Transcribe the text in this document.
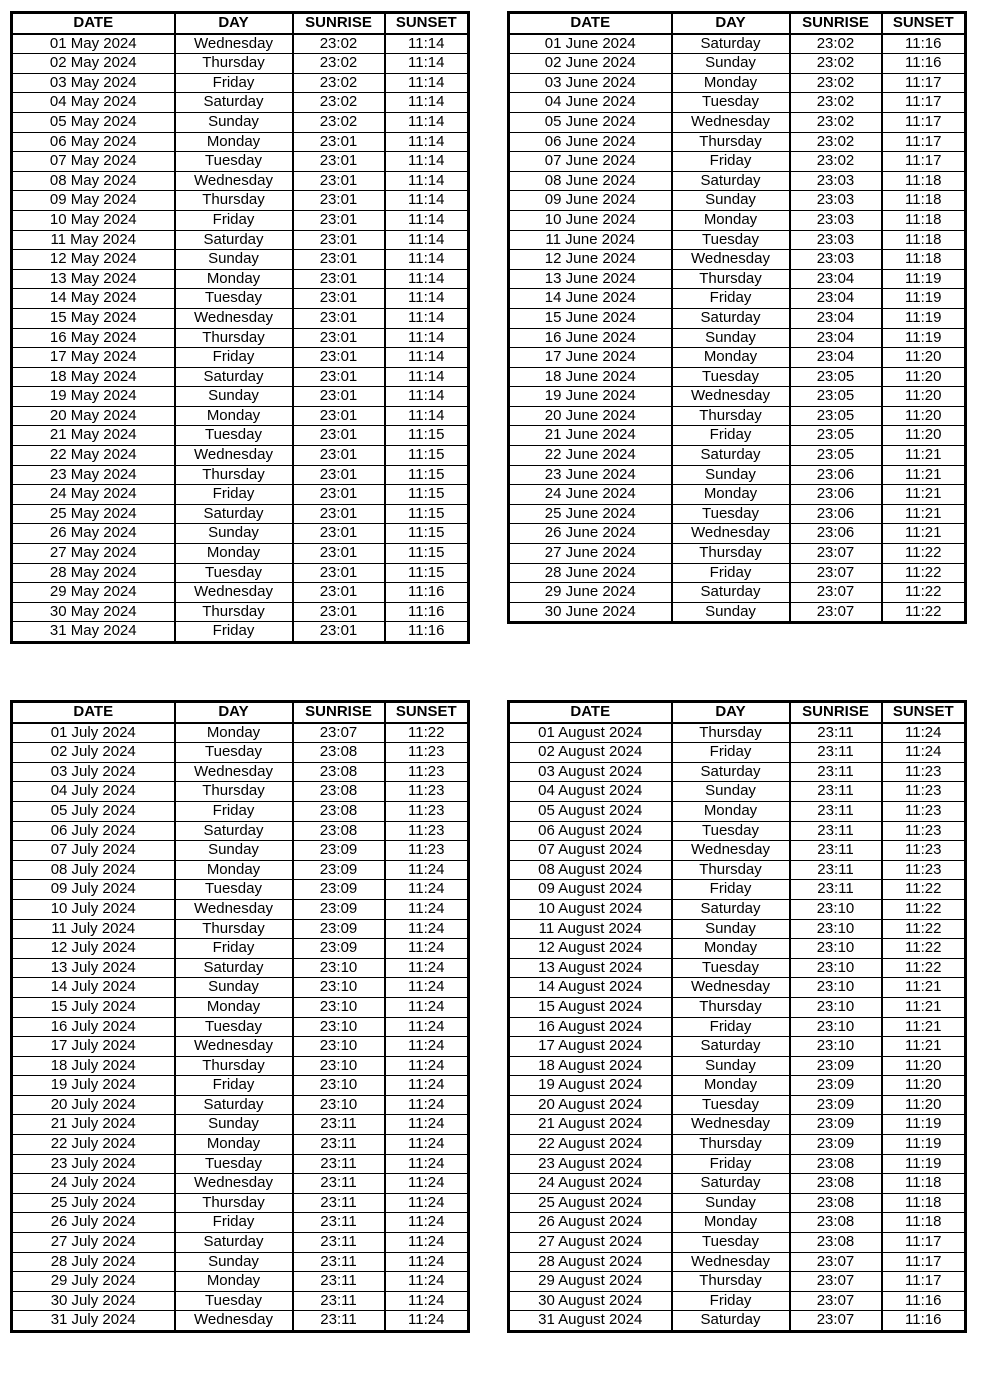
DATE	DAY	SUNRISE	SUNSET
01 May 2024	Wednesday	23:02	11:14
02 May 2024	Thursday	23:02	11:14
03 May 2024	Friday	23:02	11:14
04 May 2024	Saturday	23:02	11:14
05 May 2024	Sunday	23:02	11:14
06 May 2024	Monday	23:01	11:14
07 May 2024	Tuesday	23:01	11:14
08 May 2024	Wednesday	23:01	11:14
09 May 2024	Thursday	23:01	11:14
10 May 2024	Friday	23:01	11:14
11 May 2024	Saturday	23:01	11:14
12 May 2024	Sunday	23:01	11:14
13 May 2024	Monday	23:01	11:14
14 May 2024	Tuesday	23:01	11:14
15 May 2024	Wednesday	23:01	11:14
16 May 2024	Thursday	23:01	11:14
17 May 2024	Friday	23:01	11:14
18 May 2024	Saturday	23:01	11:14
19 May 2024	Sunday	23:01	11:14
20 May 2024	Monday	23:01	11:14
21 May 2024	Tuesday	23:01	11:15
22 May 2024	Wednesday	23:01	11:15
23 May 2024	Thursday	23:01	11:15
24 May 2024	Friday	23:01	11:15
25 May 2024	Saturday	23:01	11:15
26 May 2024	Sunday	23:01	11:15
27 May 2024	Monday	23:01	11:15
28 May 2024	Tuesday	23:01	11:15
29 May 2024	Wednesday	23:01	11:16
30 May 2024	Thursday	23:01	11:16
31 May 2024	Friday	23:01	11:16
DATE	DAY	SUNRISE	SUNSET
01 June 2024	Saturday	23:02	11:16
02 June 2024	Sunday	23:02	11:16
03 June 2024	Monday	23:02	11:17
04 June 2024	Tuesday	23:02	11:17
05 June 2024	Wednesday	23:02	11:17
06 June 2024	Thursday	23:02	11:17
07 June 2024	Friday	23:02	11:17
08 June 2024	Saturday	23:03	11:18
09 June 2024	Sunday	23:03	11:18
10 June 2024	Monday	23:03	11:18
11 June 2024	Tuesday	23:03	11:18
12 June 2024	Wednesday	23:03	11:18
13 June 2024	Thursday	23:04	11:19
14 June 2024	Friday	23:04	11:19
15 June 2024	Saturday	23:04	11:19
16 June 2024	Sunday	23:04	11:19
17 June 2024	Monday	23:04	11:20
18 June 2024	Tuesday	23:05	11:20
19 June 2024	Wednesday	23:05	11:20
20 June 2024	Thursday	23:05	11:20
21 June 2024	Friday	23:05	11:20
22 June 2024	Saturday	23:05	11:21
23 June 2024	Sunday	23:06	11:21
24 June 2024	Monday	23:06	11:21
25 June 2024	Tuesday	23:06	11:21
26 June 2024	Wednesday	23:06	11:21
27 June 2024	Thursday	23:07	11:22
28 June 2024	Friday	23:07	11:22
29 June 2024	Saturday	23:07	11:22
30 June 2024	Sunday	23:07	11:22
DATE	DAY	SUNRISE	SUNSET
01 July 2024	Monday	23:07	11:22
02 July 2024	Tuesday	23:08	11:23
03 July 2024	Wednesday	23:08	11:23
04 July 2024	Thursday	23:08	11:23
05 July 2024	Friday	23:08	11:23
06 July 2024	Saturday	23:08	11:23
07 July 2024	Sunday	23:09	11:23
08 July 2024	Monday	23:09	11:24
09 July 2024	Tuesday	23:09	11:24
10 July 2024	Wednesday	23:09	11:24
11 July 2024	Thursday	23:09	11:24
12 July 2024	Friday	23:09	11:24
13 July 2024	Saturday	23:10	11:24
14 July 2024	Sunday	23:10	11:24
15 July 2024	Monday	23:10	11:24
16 July 2024	Tuesday	23:10	11:24
17 July 2024	Wednesday	23:10	11:24
18 July 2024	Thursday	23:10	11:24
19 July 2024	Friday	23:10	11:24
20 July 2024	Saturday	23:10	11:24
21 July 2024	Sunday	23:11	11:24
22 July 2024	Monday	23:11	11:24
23 July 2024	Tuesday	23:11	11:24
24 July 2024	Wednesday	23:11	11:24
25 July 2024	Thursday	23:11	11:24
26 July 2024	Friday	23:11	11:24
27 July 2024	Saturday	23:11	11:24
28 July 2024	Sunday	23:11	11:24
29 July 2024	Monday	23:11	11:24
30 July 2024	Tuesday	23:11	11:24
31 July 2024	Wednesday	23:11	11:24
DATE	DAY	SUNRISE	SUNSET
01 August 2024	Thursday	23:11	11:24
02 August 2024	Friday	23:11	11:24
03 August 2024	Saturday	23:11	11:23
04 August 2024	Sunday	23:11	11:23
05 August 2024	Monday	23:11	11:23
06 August 2024	Tuesday	23:11	11:23
07 August 2024	Wednesday	23:11	11:23
08 August 2024	Thursday	23:11	11:23
09 August 2024	Friday	23:11	11:22
10 August 2024	Saturday	23:10	11:22
11 August 2024	Sunday	23:10	11:22
12 August 2024	Monday	23:10	11:22
13 August 2024	Tuesday	23:10	11:22
14 August 2024	Wednesday	23:10	11:21
15 August 2024	Thursday	23:10	11:21
16 August 2024	Friday	23:10	11:21
17 August 2024	Saturday	23:10	11:21
18 August 2024	Sunday	23:09	11:20
19 August 2024	Monday	23:09	11:20
20 August 2024	Tuesday	23:09	11:20
21 August 2024	Wednesday	23:09	11:19
22 August 2024	Thursday	23:09	11:19
23 August 2024	Friday	23:08	11:19
24 August 2024	Saturday	23:08	11:18
25 August 2024	Sunday	23:08	11:18
26 August 2024	Monday	23:08	11:18
27 August 2024	Tuesday	23:08	11:17
28 August 2024	Wednesday	23:07	11:17
29 August 2024	Thursday	23:07	11:17
30 August 2024	Friday	23:07	11:16
31 August 2024	Saturday	23:07	11:16
